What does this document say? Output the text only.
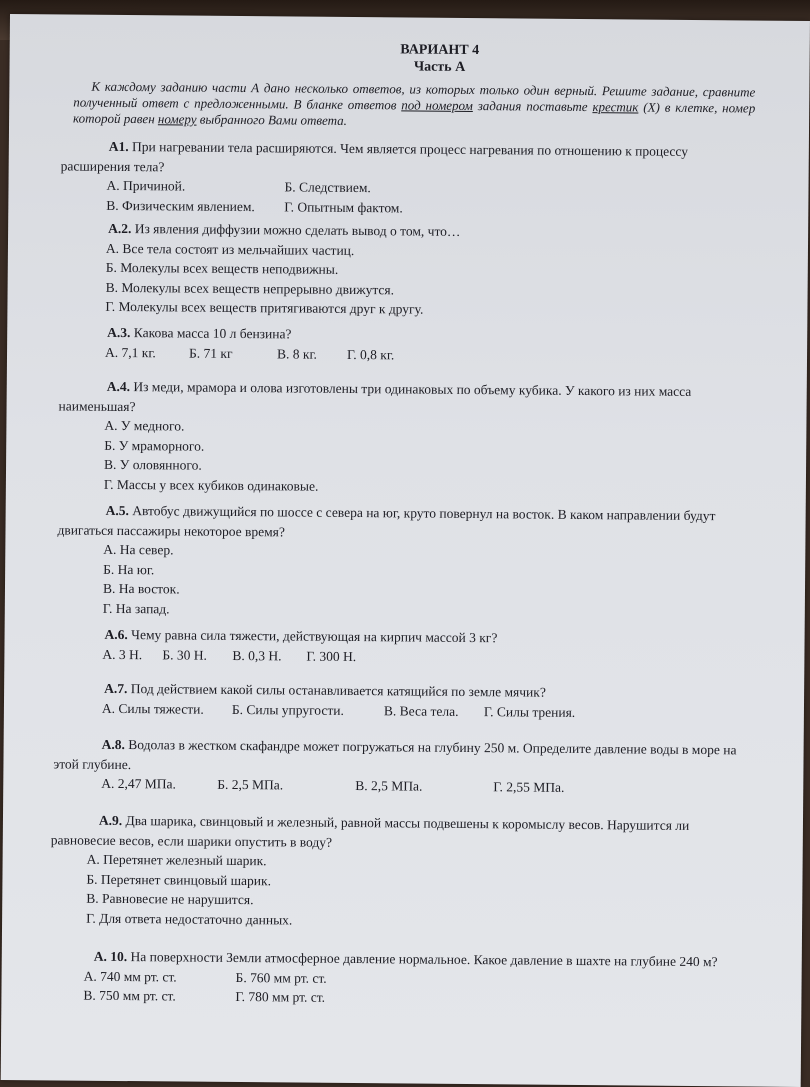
ВАРИАНТ 4
Часть А
К каждому заданию части А дано несколько ответов, из которых только один верный. Решите задание, сравните полученный ответ с предложенными. В бланке ответов под номером задания поставьте крестик (Х) в клетке, номер которой равен номеру выбранного Вами ответа.
А1. При нагревании тела расширяются. Чем является процесс нагревания по отношению к процессу расширения тела?
А. Причиной.	Б. Следствием.
В. Физическим явлением. Г. Опытным фактом.
А.2. Из явления диффузии можно сделать вывод о том, что…
А. Все тела состоят из мельчайших частиц.
Б. Молекулы всех веществ неподвижны.
В. Молекулы всех веществ непрерывно движутся.
Г. Молекулы всех веществ притягиваются друг к другу.
А.3. Какова масса 10 л бензина?
А. 7,1 кг. Б. 71 кг	В. 8 кг. Г. 0,8 кг.
А.4. Из меди, мрамора и олова изготовлены три одинаковых по объему кубика. У какого из них масса наименьшая?
А. У медного.
Б. У мраморного.
В. У оловянного.
Г. Массы у всех кубиков одинаковые.
А.5. Автобус движущийся по шоссе с севера на юг, круто повернул на восток. В каком направлении будут двигаться пассажиры некоторое время?
А. На север.
Б. На юг.
В. На восток.
Г. На запад.
А.6. Чему равна сила тяжести, действующая на кирпич массой 3 кг?
А. 3 Н. Б. 30 Н. В. 0,3 Н. Г. 300 Н.
А.7. Под действием какой силы останавливается катящийся по земле мячик?
А. Силы тяжести. Б. Силы упругости.	В. Веса тела. Г. Силы трения.
А.8. Водолаз в жестком скафандре может погружаться на глубину 250 м. Определите давление воды в море на этой глубине.
А. 2,47 МПа.	Б. 2,5 МПа.	В. 2,5 МПа.	Г. 2,55 МПа.
А.9. Два шарика, свинцовый и железный, равной массы подвешены к коромыслу весов. Нарушится ли равновесие весов, если шарики опустить в воду?
А. Перетянет железный шарик.
Б. Перетянет свинцовый шарик.
В. Равновесие не нарушится.
Г. Для ответа недостаточно данных.
А. 10. На поверхности Земли атмосферное давление нормальное. Какое давление в шахте на глубине 240 м?
А. 740 мм рт. ст.	Б. 760 мм рт. ст.
В. 750 мм рт. ст.	Г. 780 мм рт. ст.
